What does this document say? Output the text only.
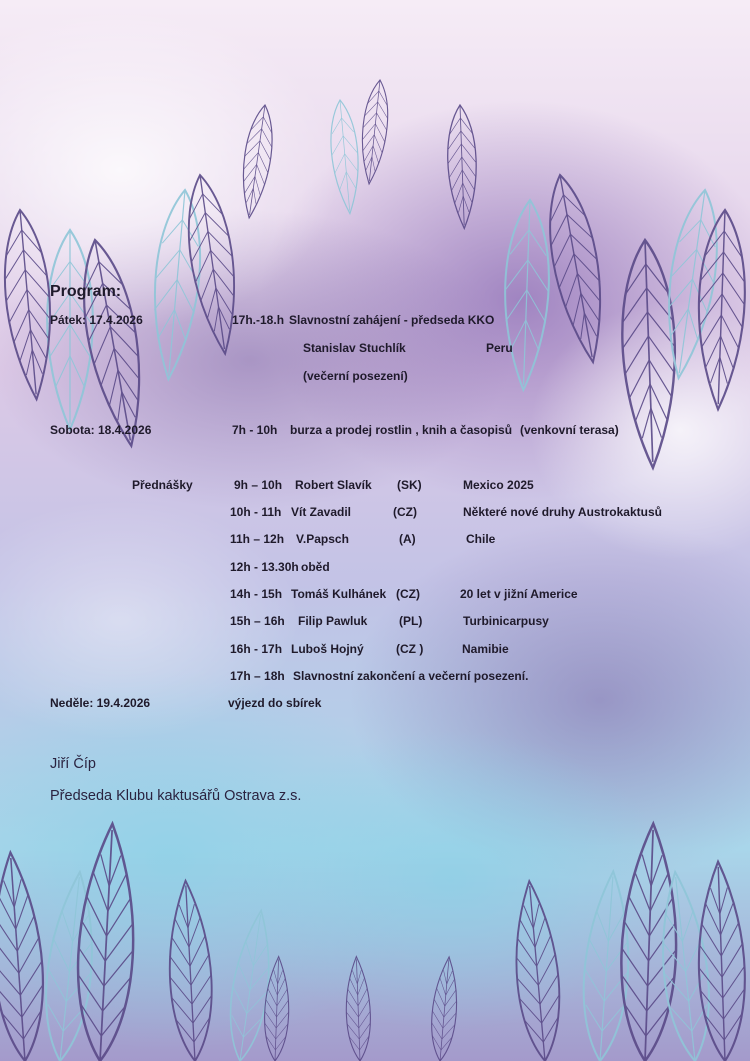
Program:
Pátek: 17.4.2026	17h.-18.h Slavnostní zahájení - předseda KKO
Stanislav Stuchlík	Peru
(večerní posezení)
Sobota: 18.4.2026	7h - 10h burza a prodej rostlin , knih a časopisů (venkovní terasa)
Přednášky	9h – 10h Robert Slavík (SK)	Mexico 2025
10h - 11h Vít Zavadil	(CZ)	Některé nové druhy Austrokaktusů
11h – 12h V.Papsch	(A)	Chile
12h - 13.30h oběd
14h - 15h Tomáš Kulhánek (CZ)	20 let v jižní Americe
15h – 16h Filip Pawluk	(PL)	Turbinicarpusy
16h - 17h Luboš Hojný	(CZ )	Namibie
17h – 18h Slavnostní zakončení a večerní posezení.
Neděle: 19.4.2026	výjezd do sbírek
Jiří Číp
Předseda Klubu kaktusářů Ostrava z.s.
